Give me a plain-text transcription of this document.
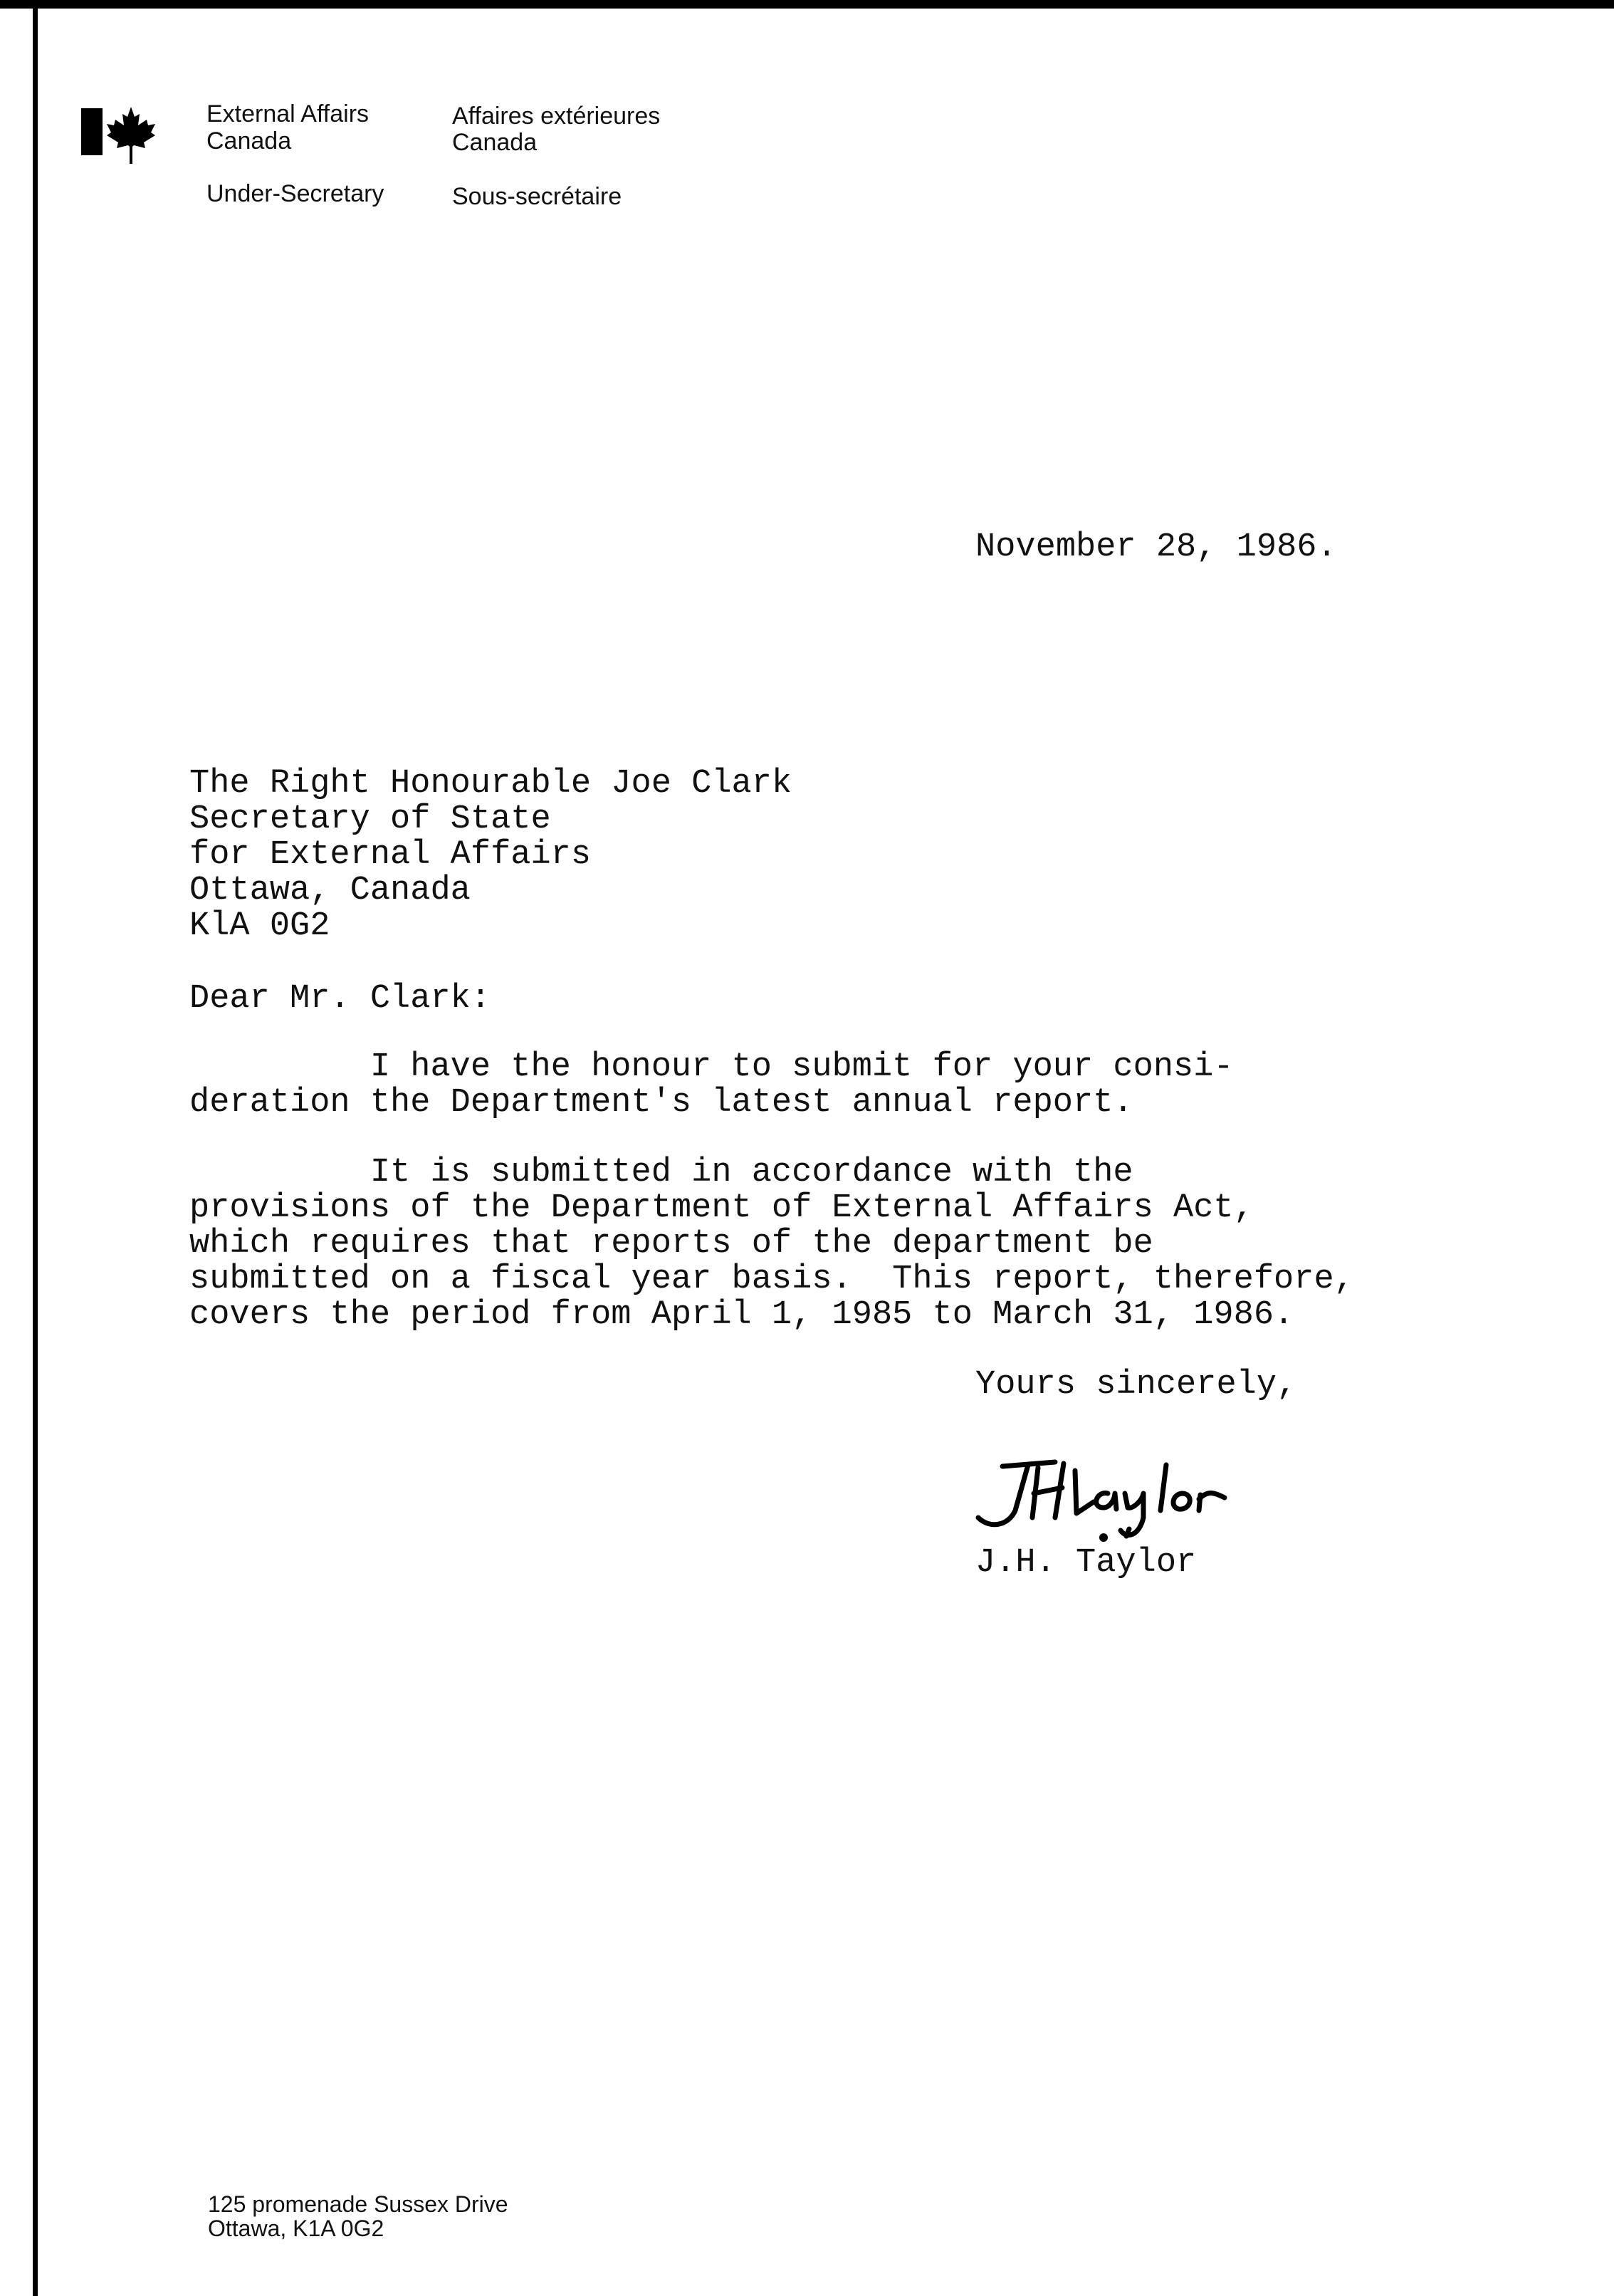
External Affairs
Canada
Affaires extérieures
Canada
Under-Secretary	Sous-secrétaire
November 28, 1986.
The Right Honourable Joe Clark
Secretary of State
for External Affairs
Ottawa, Canada
KlA 0G2
Dear Mr. Clark:
I have the honour to submit for your consi-
deration the Department's latest annual report.
It is submitted in accordance with the
provisions of the Department of External Affairs Act,
which requires that reports of the department be
submitted on a fiscal year basis.  This report, therefore,
covers the period from April 1, 1985 to March 31, 1986.
Yours sincerely,
J.H. Taylor
125 promenade Sussex Drive
Ottawa, K1A 0G2
